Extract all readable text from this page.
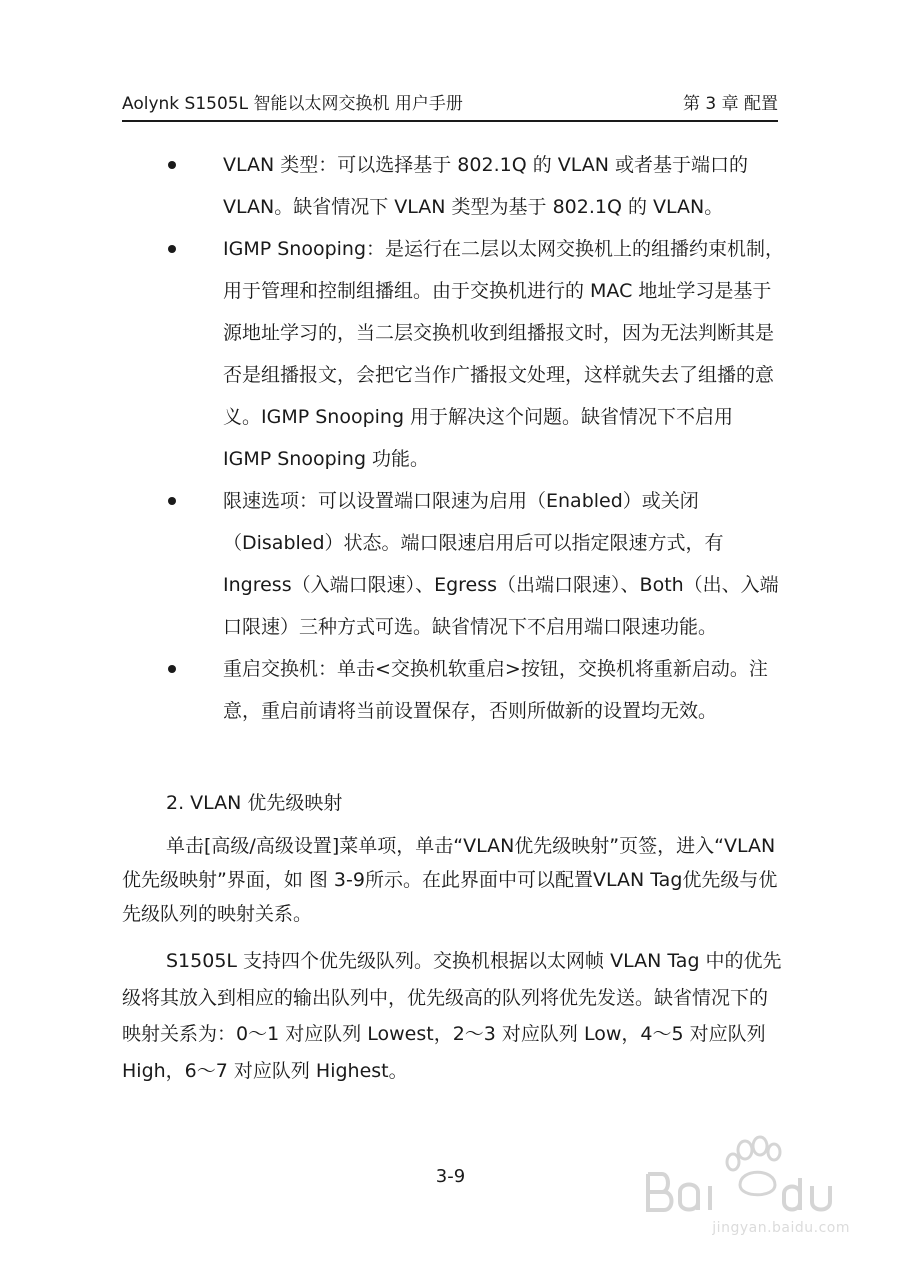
Aolynk S1505L 智能以太网交换机 用户手册	第 3 章 配置
VLAN 类型：可以选择基于 802.1Q 的 VLAN 或者基于端口的 VLAN。缺省情况下 VLAN 类型为基于 802.1Q 的 VLAN。
IGMP Snooping：是运行在二层以太网交换机上的组播约束机制，用于管理和控制组播组。由于交换机进行的 MAC 地址学习是基于源地址学习的，当二层交换机收到组播报文时，因为无法判断其是否是组播报文，会把它当作广播报文处理，这样就失去了组播的意义。IGMP Snooping 用于解决这个问题。缺省情况下不启用 IGMP Snooping 功能。
限速选项：可以设置端口限速为启用（Enabled）或关闭（Disabled）状态。端口限速启用后可以指定限速方式，有 Ingress（入端口限速）、Egress（出端口限速）、Both（出、入端口限速）三种方式可选。缺省情况下不启用端口限速功能。
重启交换机：单击<交换机软重启>按钮，交换机将重新启动。注意，重启前请将当前设置保存，否则所做新的设置均无效。
2. VLAN 优先级映射

单击[高级/高级设置]菜单项，单击“VLAN优先级映射”页签，进入“VLAN优先级映射”界面，如 图 3-9所示。在此界面中可以配置VLAN Tag优先级与优先级队列的映射关系。

S1505L 支持四个优先级队列。交换机根据以太网帧 VLAN Tag 中的优先级将其放入到相应的输出队列中，优先级高的队列将优先发送。缺省情况下的映射关系为：0～1 对应队列 Lowest，2～3 对应队列 Low，4～5 对应队列 High，6～7 对应队列 Highest。

3-9
jingyan.baidu.com
